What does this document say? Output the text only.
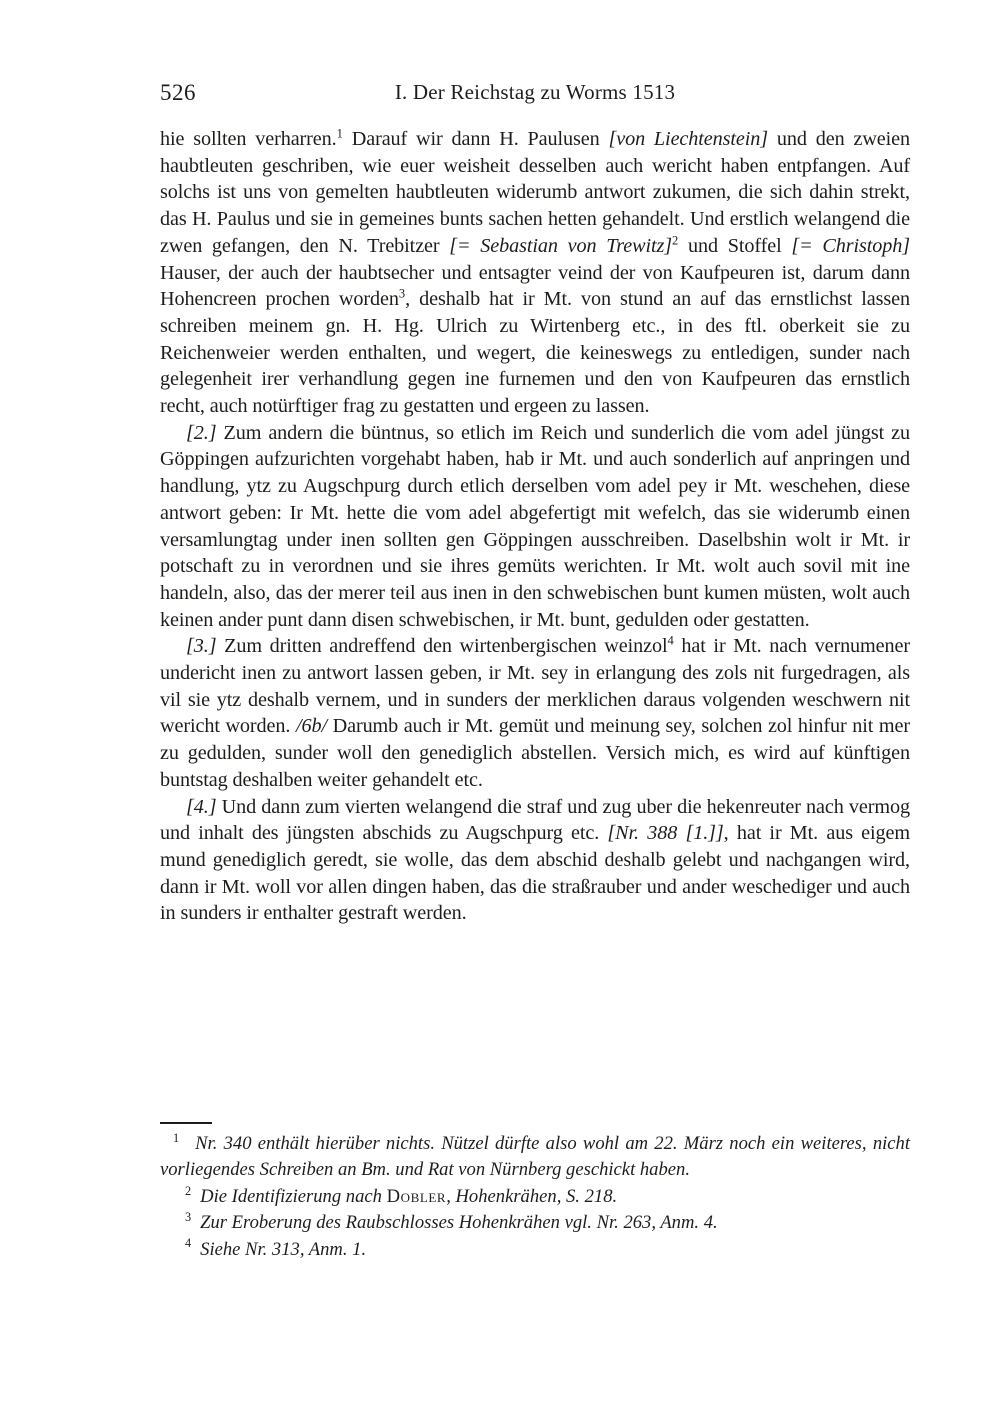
526	I. Der Reichstag zu Worms 1513

hie sollten verharren.$^1$ Darauf wir dann H. Paulusen [von Liechtenstein] und den zweien haubtleuten geschriben, wie euer weisheit desselben auch wericht haben entpfangen. Auf solchs ist uns von gemelten haubtleuten widerumb antwort zukumen, die sich dahin strekt, das H. Paulus und sie in gemeines bunts sachen hetten gehandelt. Und erstlich welangend die zwen gefangen, den N. Trebitzer [= Sebastian von Trewitz]$^2$ und Stoffel [= Christoph] Hauser, der auch der haubtsecher und entsagter veind der von Kaufpeuren ist, darum dann Hohencreen prochen worden$^3$, deshalb hat ir Mt. von stund an auf das ernstlichst lassen schreiben meinem gn. H. Hg. Ulrich zu Wirtenberg etc., in des ftl. oberkeit sie zu Reichenweier werden enthalten, und wegert, die keineswegs zu entledigen, sunder nach gelegenheit irer verhandlung gegen ine furnemen und den von Kaufpeuren das ernstlich recht, auch notürftiger frag zu gestatten und ergeen zu lassen.

[2.] Zum andern die büntnus, so etlich im Reich und sunderlich die vom adel jüngst zu Göppingen aufzurichten vorgehabt haben, hab ir Mt. und auch sonderlich auf anpringen und handlung, ytz zu Augschpurg durch etlich derselben vom adel pey ir Mt. weschehen, diese antwort geben: Ir Mt. hette die vom adel abgefertigt mit wefelch, das sie widerumb einen versamlungtag under inen sollten gen Göppingen ausschreiben. Daselbshin wolt ir Mt. ir potschaft zu in verordnen und sie ihres gemüts werichten. Ir Mt. wolt auch sovil mit ine handeln, also, das der merer teil aus inen in den schwebischen bunt kumen müsten, wolt auch keinen ander punt dann disen schwebischen, ir Mt. bunt, gedulden oder gestatten.

[3.] Zum dritten andreffend den wirtenbergischen weinzol$^4$ hat ir Mt. nach vernumener undericht inen zu antwort lassen geben, ir Mt. sey in erlangung des zols nit furgedragen, als vil sie ytz deshalb vernem, und in sunders der merklichen daraus volgenden weschwern nit wericht worden. /6b/ Darumb auch ir Mt. gemüt und meinung sey, solchen zol hinfur nit mer zu gedulden, sunder woll den genediglich abstellen. Versich mich, es wird auf künftigen buntstag deshalben weiter gehandelt etc.

[4.] Und dann zum vierten welangend die straf und zug uber die hekenreuter nach vermog und inhalt des jüngsten abschids zu Augschpurg etc. [Nr. 388 [1.]], hat ir Mt. aus eigem mund genediglich geredt, sie wolle, das dem abschid deshalb gelebt und nachgangen wird, dann ir Mt. woll vor allen dingen haben, das die straßrauber und ander weschediger und auch in sunders ir enthalter gestraft werden.

$^1$ Nr. 340 enthält hierüber nichts. Nützel dürfte also wohl am 22. März noch ein weiteres, nicht vorliegendes Schreiben an Bm. und Rat von Nürnberg geschickt haben.

$^2$ Die Identifizierung nach Dobler, Hohenkrähen, S. 218.

$^3$ Zur Eroberung des Raubschlosses Hohenkrähen vgl. Nr. 263, Anm. 4.

$^4$ Siehe Nr. 313, Anm. 1.
